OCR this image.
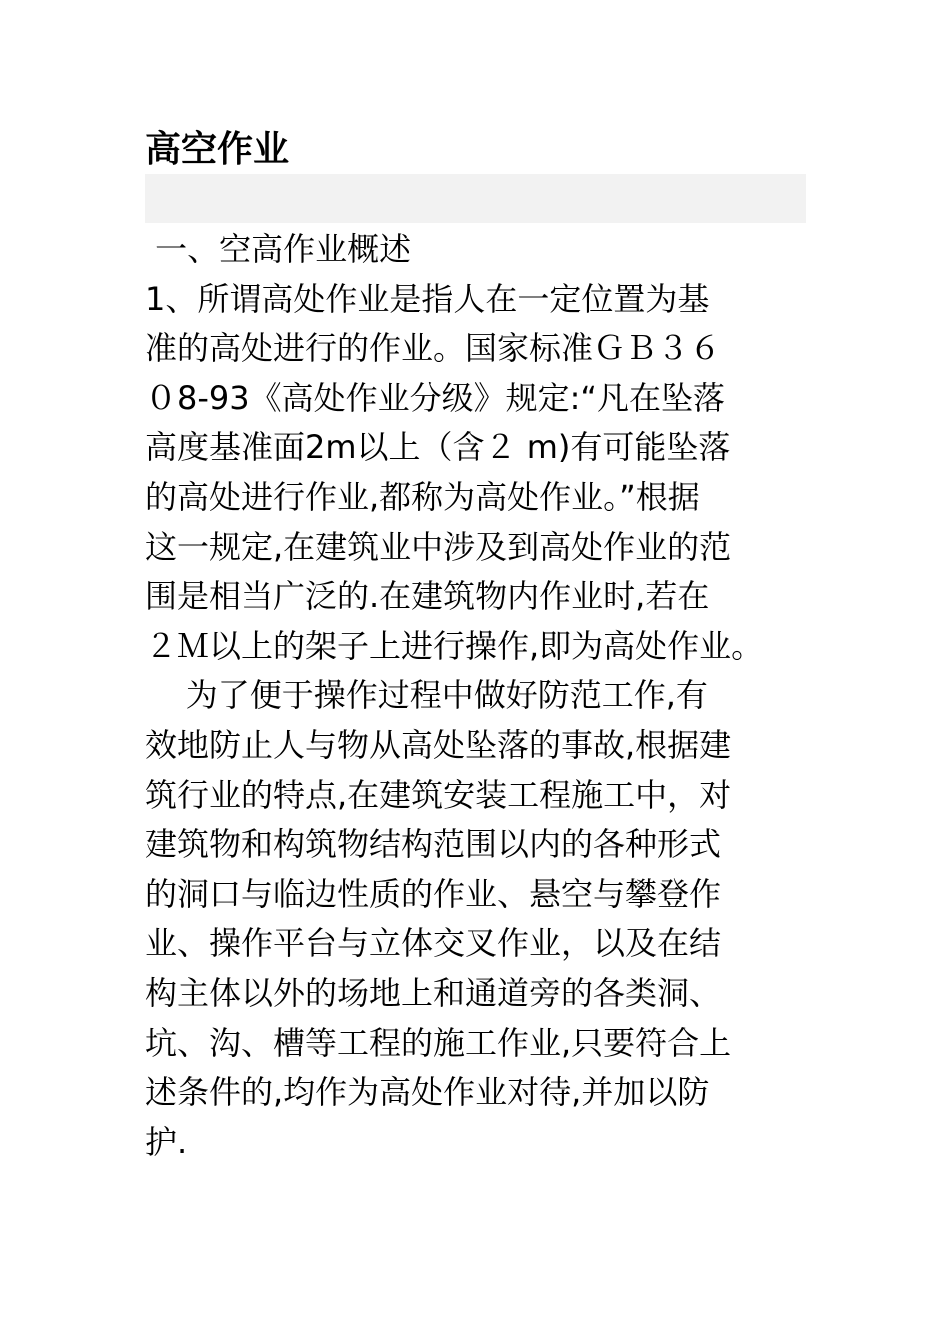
高空作业
一、空高作业概述
1、所谓高处作业是指人在一定位置为基
准的高处进行的作业。国家标准ＧＢ３６
０8-93《高处作业分级》规定:“凡在坠落
高度基准面2m以上（含２ m)有可能坠落
的高处进行作业,都称为高处作业。”根据
这一规定,在建筑业中涉及到高处作业的范
围是相当广泛的.在建筑物内作业时,若在
２Ｍ以上的架子上进行操作,即为高处作业。
为了便于操作过程中做好防范工作,有
效地防止人与物从高处坠落的事故,根据建
筑行业的特点,在建筑安装工程施工中，对
建筑物和构筑物结构范围以内的各种形式
的洞口与临边性质的作业、悬空与攀登作
业、操作平台与立体交叉作业，以及在结
构主体以外的场地上和通道旁的各类洞、
坑、沟、槽等工程的施工作业,只要符合上
述条件的,均作为高处作业对待,并加以防
护.
